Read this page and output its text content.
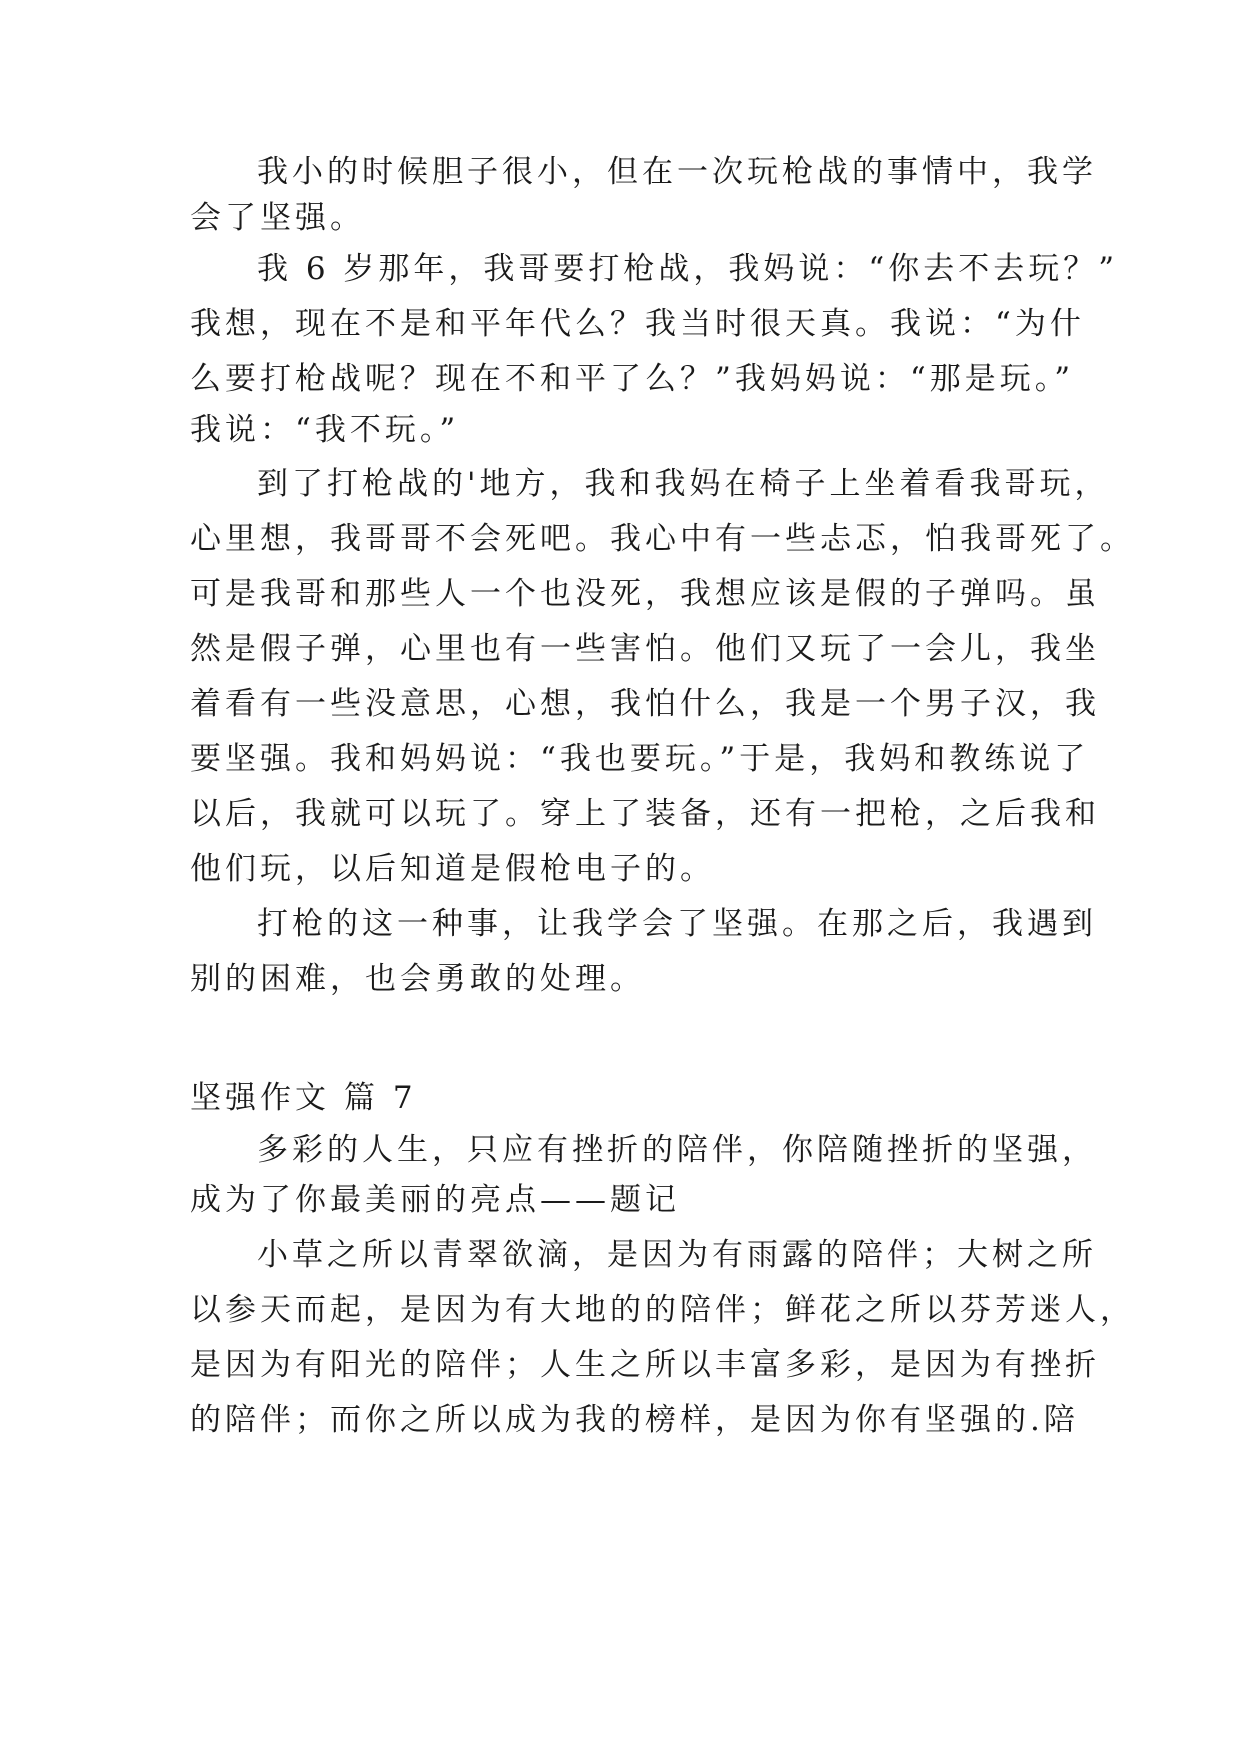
我小的时候胆子很小，但在一次玩枪战的事情中，我学
会了坚强。
我 6 岁那年，我哥要打枪战，我妈说：“你去不去玩？”
我想，现在不是和平年代么？我当时很天真。我说：“为什
么要打枪战呢？现在不和平了么？”我妈妈说：“那是玩。”
我说：“我不玩。”
到了打枪战的'地方，我和我妈在椅子上坐着看我哥玩，
心里想，我哥哥不会死吧。我心中有一些忐忑，怕我哥死了。
可是我哥和那些人一个也没死，我想应该是假的子弹吗。虽
然是假子弹，心里也有一些害怕。他们又玩了一会儿，我坐
着看有一些没意思，心想，我怕什么，我是一个男子汉，我
要坚强。我和妈妈说：“我也要玩。”于是，我妈和教练说了
以后，我就可以玩了。穿上了装备，还有一把枪，之后我和
他们玩，以后知道是假枪电子的。
打枪的这一种事，让我学会了坚强。在那之后，我遇到
别的困难，也会勇敢的处理。
坚强作文 篇 7
多彩的人生，只应有挫折的陪伴，你陪随挫折的坚强，
成为了你最美丽的亮点——题记
小草之所以青翠欲滴，是因为有雨露的陪伴；大树之所
以参天而起，是因为有大地的的陪伴；鲜花之所以芬芳迷人，
是因为有阳光的陪伴；人生之所以丰富多彩，是因为有挫折
的陪伴；而你之所以成为我的榜样，是因为你有坚强的.陪
